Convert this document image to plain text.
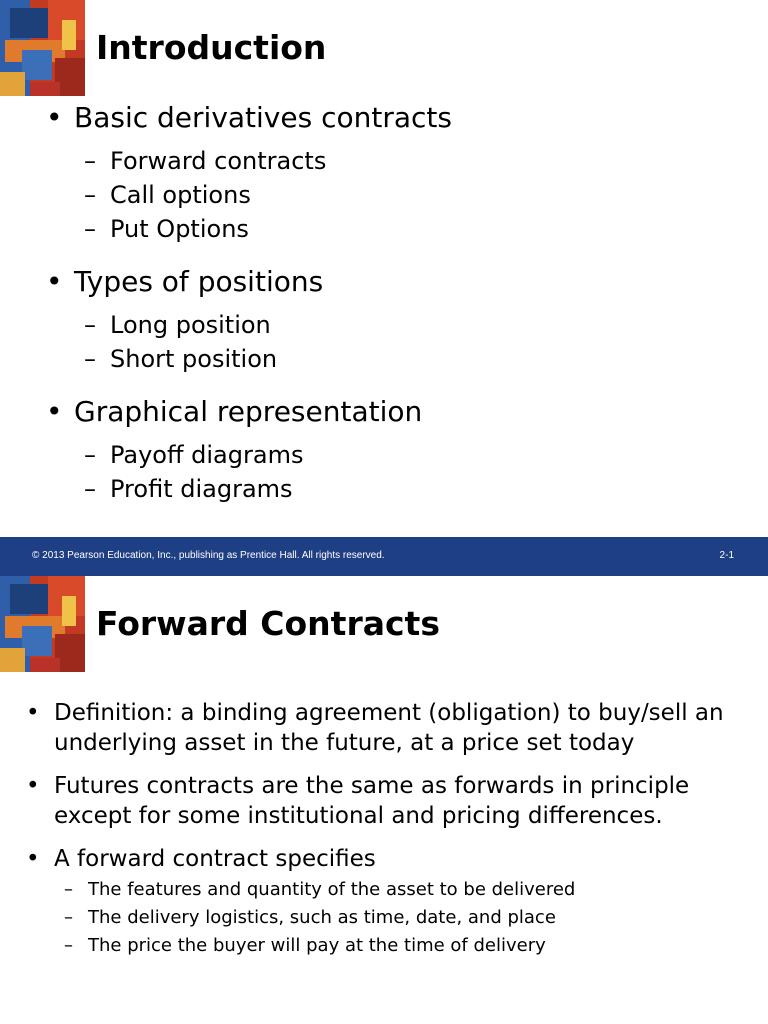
Introduction
• Basic derivatives contracts
– Forward contracts
– Call options
– Put Options
• Types of positions
– Long position
– Short position
• Graphical representation
– Payoff diagrams
– Profit diagrams
© 2013 Pearson Education, Inc., publishing as Prentice Hall. All rights reserved.	2-1
Forward Contracts
• Definition: a binding agreement (obligation) to buy/sell an underlying asset in the future, at a price set today
• Futures contracts are the same as forwards in principle except for some institutional and pricing differences.
• A forward contract specifies
– The features and quantity of the asset to be delivered
– The delivery logistics, such as time, date, and place
– The price the buyer will pay at the time of delivery
